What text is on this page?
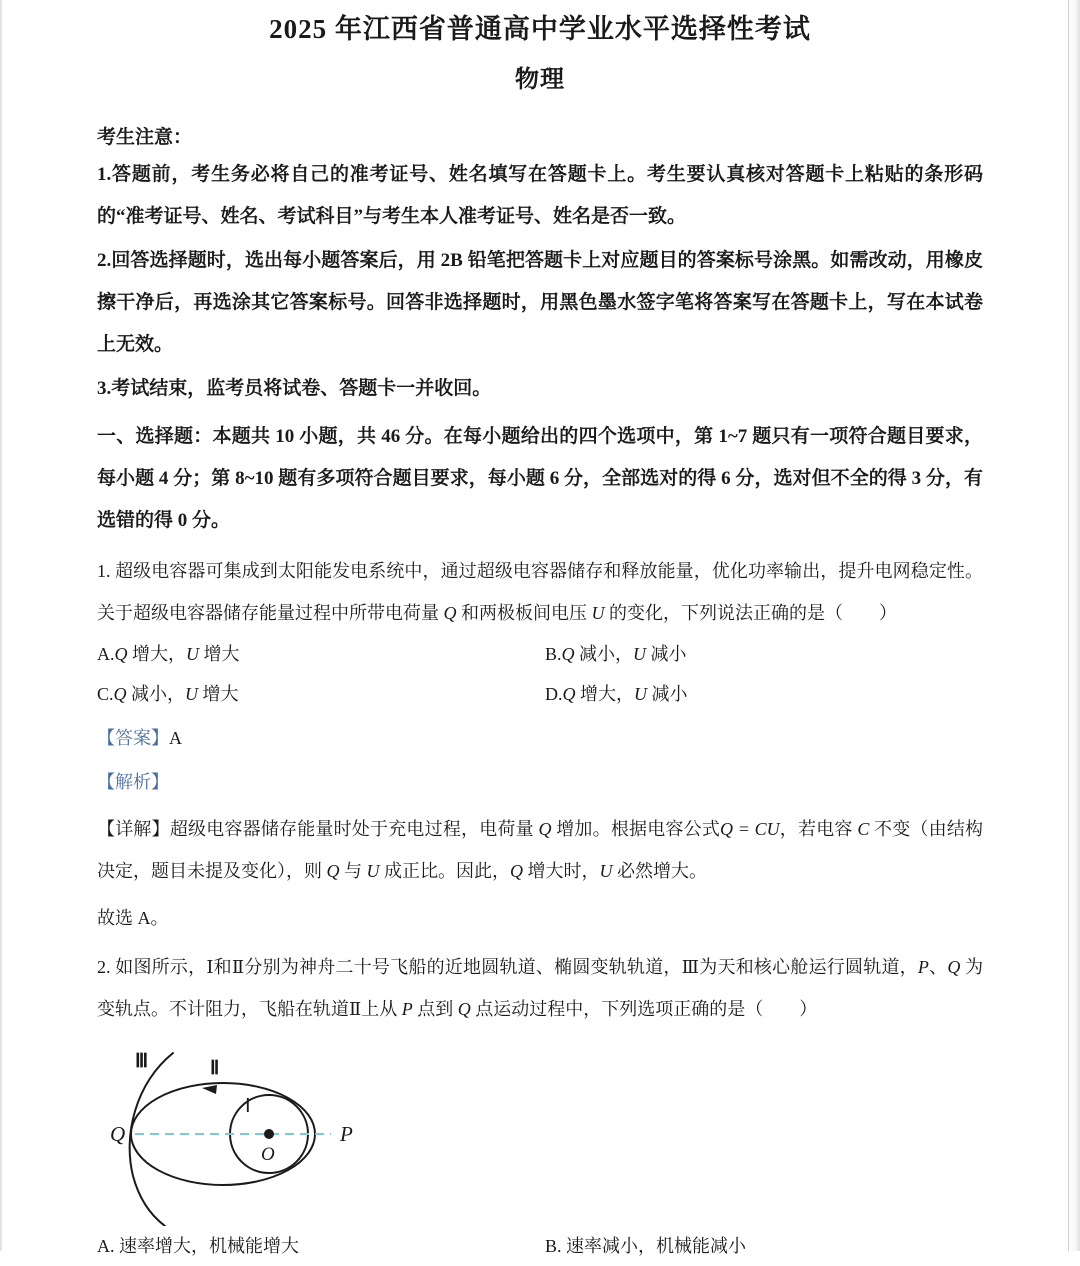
2025 年江西省普通高中学业水平选择性考试
物理
考生注意：
1.答题前，考生务必将自己的准考证号、姓名填写在答题卡上。考生要认真核对答题卡上粘贴的条形码的“准考证号、姓名、考试科目”与考生本人准考证号、姓名是否一致。
2.回答选择题时，选出每小题答案后，用 2B 铅笔把答题卡上对应题目的答案标号涂黑。如需改动，用橡皮擦干净后，再选涂其它答案标号。回答非选择题时，用黑色墨水签字笔将答案写在答题卡上，写在本试卷上无效。
3.考试结束，监考员将试卷、答题卡一并收回。
一、选择题：本题共 10 小题，共 46 分。在每小题给出的四个选项中，第 1~7 题只有一项符合题目要求，每小题 4 分；第 8~10 题有多项符合题目要求，每小题 6 分，全部选对的得 6 分，选对但不全的得 3 分，有选错的得 0 分。
1. 超级电容器可集成到太阳能发电系统中，通过超级电容器储存和释放能量，优化功率输出，提升电网稳定性。关于超级电容器储存能量过程中所带电荷量 Q 和两极板间电压 U 的变化，下列说法正确的是（　　）
A.Q 增大，U 增大	B.Q 减小，U 减小
C.Q 减小，U 增大	D.Q 增大，U 减小
【答案】A
【解析】
【详解】超级电容器储存能量时处于充电过程，电荷量 Q 增加。根据电容公式Q = CU，若电容 C 不变（由结构决定，题目未提及变化），则 Q 与 U 成正比。因此，Q 增大时，U 必然增大。
故选 A。
2. 如图所示，Ⅰ和Ⅱ分别为神舟二十号飞船的近地圆轨道、椭圆变轨轨道，Ⅲ为天和核心舱运行圆轨道，P、Q 为变轨点。不计阻力，飞船在轨道Ⅱ上从 P 点到 Q 点运动过程中，下列选项正确的是（　　）
Ⅲ	Ⅱ
Ⅰ
Q	P
O
A. 速率增大，机械能增大	B. 速率减小，机械能减小
